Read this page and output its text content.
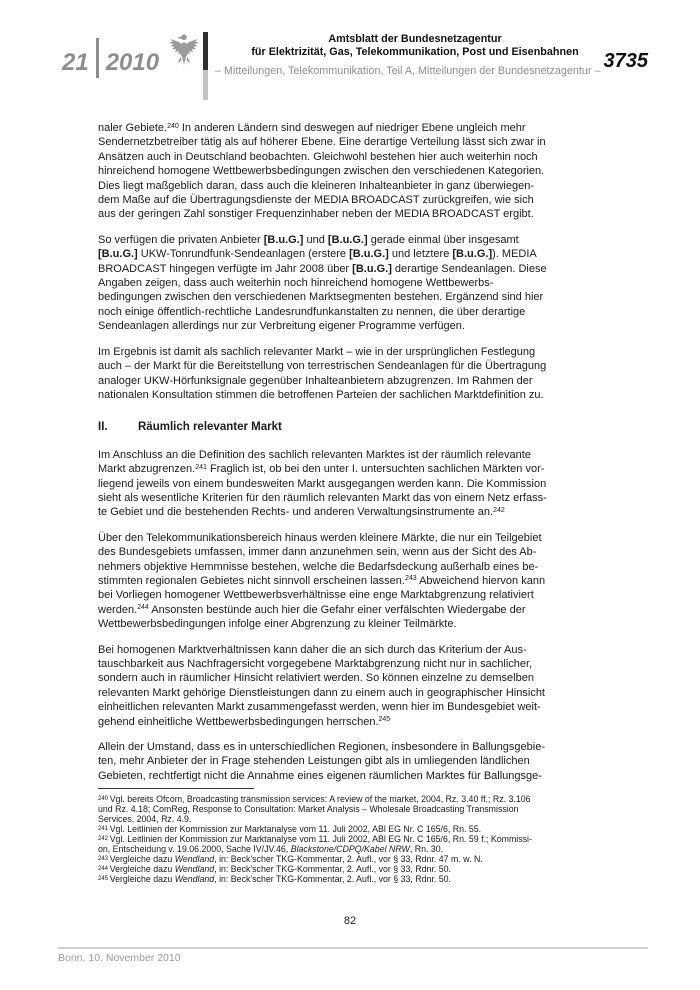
21 2010
Amtsblatt der Bundesnetzagentur
für Elektrizität, Gas, Telekommunikation, Post und Eisenbahnen
– Mitteilungen, Telekommunikation, Teil A, Mitteilungen der Bundesnetzagentur – 3735

naler Gebiete.$^{240}$ In anderen Ländern sind deswegen auf niedriger Ebene ungleich mehr
Sendernetzbetreiber tätig als auf höherer Ebene. Eine derartige Verteilung lässt sich zwar in
Ansätzen auch in Deutschland beobachten. Gleichwohl bestehen hier auch weiterhin noch
hinreichend homogene Wettbewerbsbedingungen zwischen den verschiedenen Kategorien.
Dies liegt maßgeblich daran, dass auch die kleineren Inhalteanbieter in ganz überwiegen-
dem Maße auf die Übertragungsdienste der MEDIA BROADCAST zurückgreifen, wie sich
aus der geringen Zahl sonstiger Frequenzinhaber neben der MEDIA BROADCAST ergibt.

So verfügen die privaten Anbieter [B.u.G.] und [B.u.G.] gerade einmal über insgesamt
[B.u.G.] UKW-Tonrundfunk-Sendeanlagen (erstere [B.u.G.] und letztere [B.u.G.]). MEDIA
BROADCAST hingegen verfügte im Jahr 2008 über [B.u.G.] derartige Sendeanlagen. Diese
Angaben zeigen, dass auch weiterhin noch hinreichend homogene Wettbewerbs-
bedingungen zwischen den verschiedenen Marktsegmenten bestehen. Ergänzend sind hier
noch einige öffentlich-rechtliche Landesrundfunkanstalten zu nennen, die über derartige
Sendeanlagen allerdings nur zur Verbreitung eigener Programme verfügen.

Im Ergebnis ist damit als sachlich relevanter Markt – wie in der ursprünglichen Festlegung
auch – der Markt für die Bereitstellung von terrestrischen Sendeanlagen für die Übertragung
analoger UKW-Hörfunksignale gegenüber Inhalteanbietern abzugrenzen. Im Rahmen der
nationalen Konsultation stimmen die betroffenen Parteien der sachlichen Marktdefinition zu.

II.	Räumlich relevanter Markt

Im Anschluss an die Definition des sachlich relevanten Marktes ist der räumlich relevante
Markt abzugrenzen.$^{241}$ Fraglich ist, ob bei den unter I. untersuchten sachlichen Märkten vor-
liegend jeweils von einem bundesweiten Markt ausgegangen werden kann. Die Kommission
sieht als wesentliche Kriterien für den räumlich relevanten Markt das von einem Netz erfass-
te Gebiet und die bestehenden Rechts- und anderen Verwaltungsinstrumente an.$^{242}$

Über den Telekommunikationsbereich hinaus werden kleinere Märkte, die nur ein Teilgebiet
des Bundesgebiets umfassen, immer dann anzunehmen sein, wenn aus der Sicht des Ab-
nehmers objektive Hemmnisse bestehen, welche die Bedarfsdeckung außerhalb eines be-
stimmten regionalen Gebietes nicht sinnvoll erscheinen lassen.$^{243}$ Abweichend hiervon kann
bei Vorliegen homogener Wettbewerbsverhältnisse eine enge Marktabgrenzung relativiert
werden.$^{244}$ Ansonsten bestünde auch hier die Gefahr einer verfälschten Wiedergabe der
Wettbewerbsbedingungen infolge einer Abgrenzung zu kleiner Teilmärkte.

Bei homogenen Marktverhältnissen kann daher die an sich durch das Kriterium der Aus-
tauschbarkeit aus Nachfragersicht vorgegebene Marktabgrenzung nicht nur in sachlicher,
sondern auch in räumlicher Hinsicht relativiert werden. So können einzelne zu demselben
relevanten Markt gehörige Dienstleistungen dann zu einem auch in geographischer Hinsicht
einheitlichen relevanten Markt zusammengefasst werden, wenn hier im Bundesgebiet weit-
gehend einheitliche Wettbewerbsbedingungen herrschen.$^{245}$

Allein der Umstand, dass es in unterschiedlichen Regionen, insbesondere in Ballungsgebie-
ten, mehr Anbieter der in Frage stehenden Leistungen gibt als in umliegenden ländlichen
Gebieten, rechtfertigt nicht die Annahme eines eigenen räumlichen Marktes für Ballungsge-

$^{240}$ Vgl. bereits Ofcom, Broadcasting transmission services: A review of the market, 2004, Rz. 3.40 ff.; Rz. 3.106
und Rz. 4.18; ComReg, Response to Consultation: Market Analysis – Wholesale Broadcasting Transmission
Services, 2004, Rz. 4.9.

$^{241}$ Vgl. Leitlinien der Kommission zur Marktanalyse vom 11. Juli 2002, ABl EG Nr. C 165/6, Rn. 55.

$^{242}$ Vgl. Leitlinien der Kommission zur Marktanalyse vom 11. Juli 2002, ABl EG Nr. C 165/6, Rn. 59 f.; Kommissi-
on, Entscheidung v. 19.06.2000, Sache IV/JV.46, Blackstone/CDPQ/Kabel NRW, Rn. 30.

$^{243}$ Vergleiche dazu Wendland, in: Beck’scher TKG-Kommentar, 2. Aufl., vor § 33, Rdnr. 47 m. w. N.

$^{244}$ Vergleiche dazu Wendland, in: Beck’scher TKG-Kommentar, 2. Aufl., vor § 33, Rdnr. 50.

$^{245}$ Vergleiche dazu Wendland, in: Beck’scher TKG-Kommentar, 2. Aufl., vor § 33, Rdnr. 50.

82
Bonn, 10. November 2010
